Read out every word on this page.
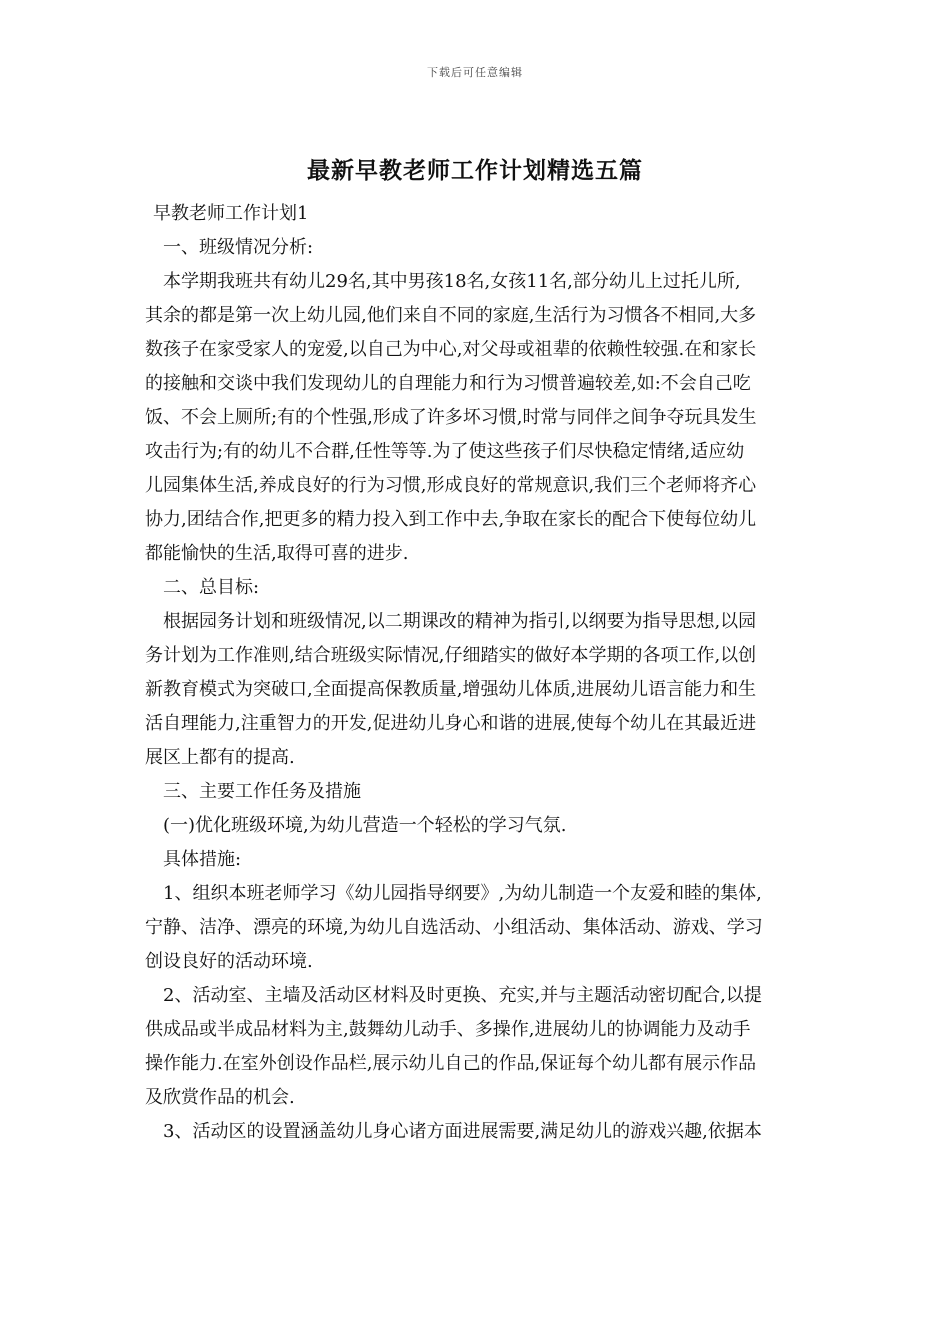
下载后可任意编辑
最新早教老师工作计划精选五篇
早教老师工作计划1
一、班级情况分析:
本学期我班共有幼儿29名,其中男孩18名,女孩11名,部分幼儿上过托儿所,
其余的都是第一次上幼儿园,他们来自不同的家庭,生活行为习惯各不相同,大多
数孩子在家受家人的宠爱,以自己为中心,对父母或祖辈的依赖性较强.在和家长
的接触和交谈中我们发现幼儿的自理能力和行为习惯普遍较差,如:不会自己吃
饭、不会上厕所;有的个性强,形成了许多坏习惯,时常与同伴之间争夺玩具发生
攻击行为;有的幼儿不合群,任性等等.为了使这些孩子们尽快稳定情绪,适应幼
儿园集体生活,养成良好的行为习惯,形成良好的常规意识,我们三个老师将齐心
协力,团结合作,把更多的精力投入到工作中去,争取在家长的配合下使每位幼儿
都能愉快的生活,取得可喜的进步.
二、总目标:
根据园务计划和班级情况,以二期课改的精神为指引,以纲要为指导思想,以园
务计划为工作准则,结合班级实际情况,仔细踏实的做好本学期的各项工作,以创
新教育模式为突破口,全面提高保教质量,增强幼儿体质,进展幼儿语言能力和生
活自理能力,注重智力的开发,促进幼儿身心和谐的进展,使每个幼儿在其最近进
展区上都有的提高.
三、主要工作任务及措施
(一)优化班级环境,为幼儿营造一个轻松的学习气氛.
具体措施:
1、组织本班老师学习《幼儿园指导纲要》,为幼儿制造一个友爱和睦的集体,
宁静、洁净、漂亮的环境,为幼儿自选活动、小组活动、集体活动、游戏、学习
创设良好的活动环境.
2、活动室、主墙及活动区材料及时更换、充实,并与主题活动密切配合,以提
供成品或半成品材料为主,鼓舞幼儿动手、多操作,进展幼儿的协调能力及动手
操作能力.在室外创设作品栏,展示幼儿自己的作品,保证每个幼儿都有展示作品
及欣赏作品的机会.
3、活动区的设置涵盖幼儿身心诸方面进展需要,满足幼儿的游戏兴趣,依据本
